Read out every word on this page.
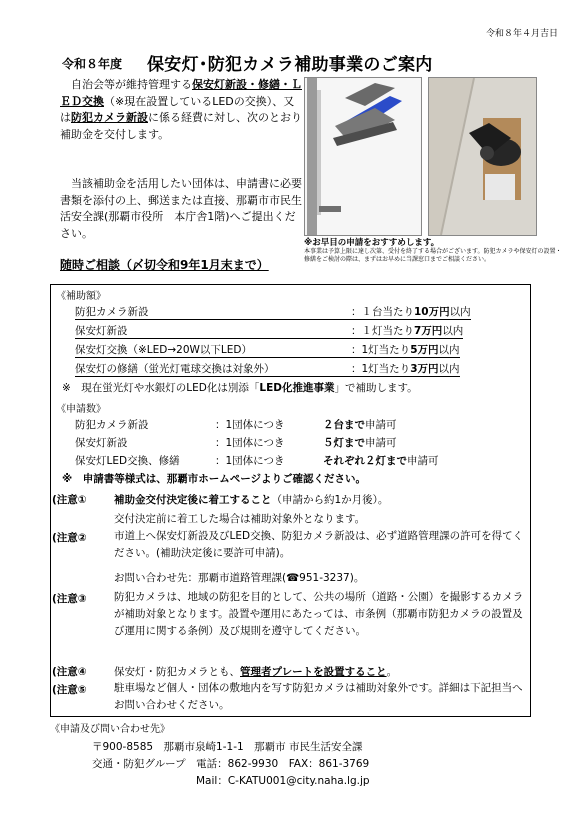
令和８年４月吉日
令和８年度 保安灯･防犯カメラ補助事業のご案内

自治会等が維持管理する保安灯新設・修繕・ＬＥＤ交換（※現在設置しているLEDの交換）、又は防犯カメラ新設に係る経費に対し、次のとおり補助金を交付します。

当該補助金を活用したい団体は、申請書に必要書類を添付の上、郵送または直接、那覇市市民生活安全課(那覇市役所　本庁舎1階)へご提出ください。

随時ご相談（〆切令和9年1月末まで）
※お早目の申請をおすすめします。
本事業は予算上限に達し次第、受付を終了する場合がございます。防犯カメラや保安灯の設置・修繕をご検討の際は、まずはお早めに当課窓口までご相談ください。
《補助額》
防犯カメラ新設	：１台当たり10万円以内
保安灯新設	：１灯当たり7万円以内
保安灯交換（※LED→20W以下LED）	：1灯当たり5万円以内
保安灯の修繕（蛍光灯電球交換は対象外）	：1灯当たり3万円以内
※　現在蛍光灯や水銀灯のLED化は別添「LED化推進事業」で補助します。
《申請数》
防犯カメラ新設	：1団体につき	２台まで申請可
保安灯新設	：1団体につき	５灯まで申請可
保安灯LED交換、修繕	：1団体につき	それぞれ２灯まで申請可
※　申請書等様式は、那覇市ホームページよりご確認ください。
(注意①	補助金交付決定後に着工すること（申請から約1か月後）。
交付決定前に着工した場合は補助対象外となります。
(注意②	市道上へ保安灯新設及びLED交換、防犯カメラ新設は、必ず道路管理課の許可を得てください。(補助決定後に要許可申請)。
お問い合わせ先：那覇市道路管理課(☎951-3237)。
(注意③	防犯カメラは、地域の防犯を目的として、公共の場所（道路・公園）を撮影するカメラが補助対象となります。設置や運用にあたっては、市条例（那覇市防犯カメラの設置及び運用に関する条例）及び規則を遵守してください。
(注意④	保安灯・防犯カメラとも、管理者プレートを設置すること。
(注意⑤	駐車場など個人・団体の敷地内を写す防犯カメラは補助対象外です。詳細は下記担当へお問い合わせください。
《申請及び問い合わせ先》
〒900-8585　那覇市泉崎1-1-1　那覇市 市民生活安全課
交通・防犯グループ　電話：862-9930　FAX：861-3769
Mail：C-KATU001@city.naha.lg.jp
